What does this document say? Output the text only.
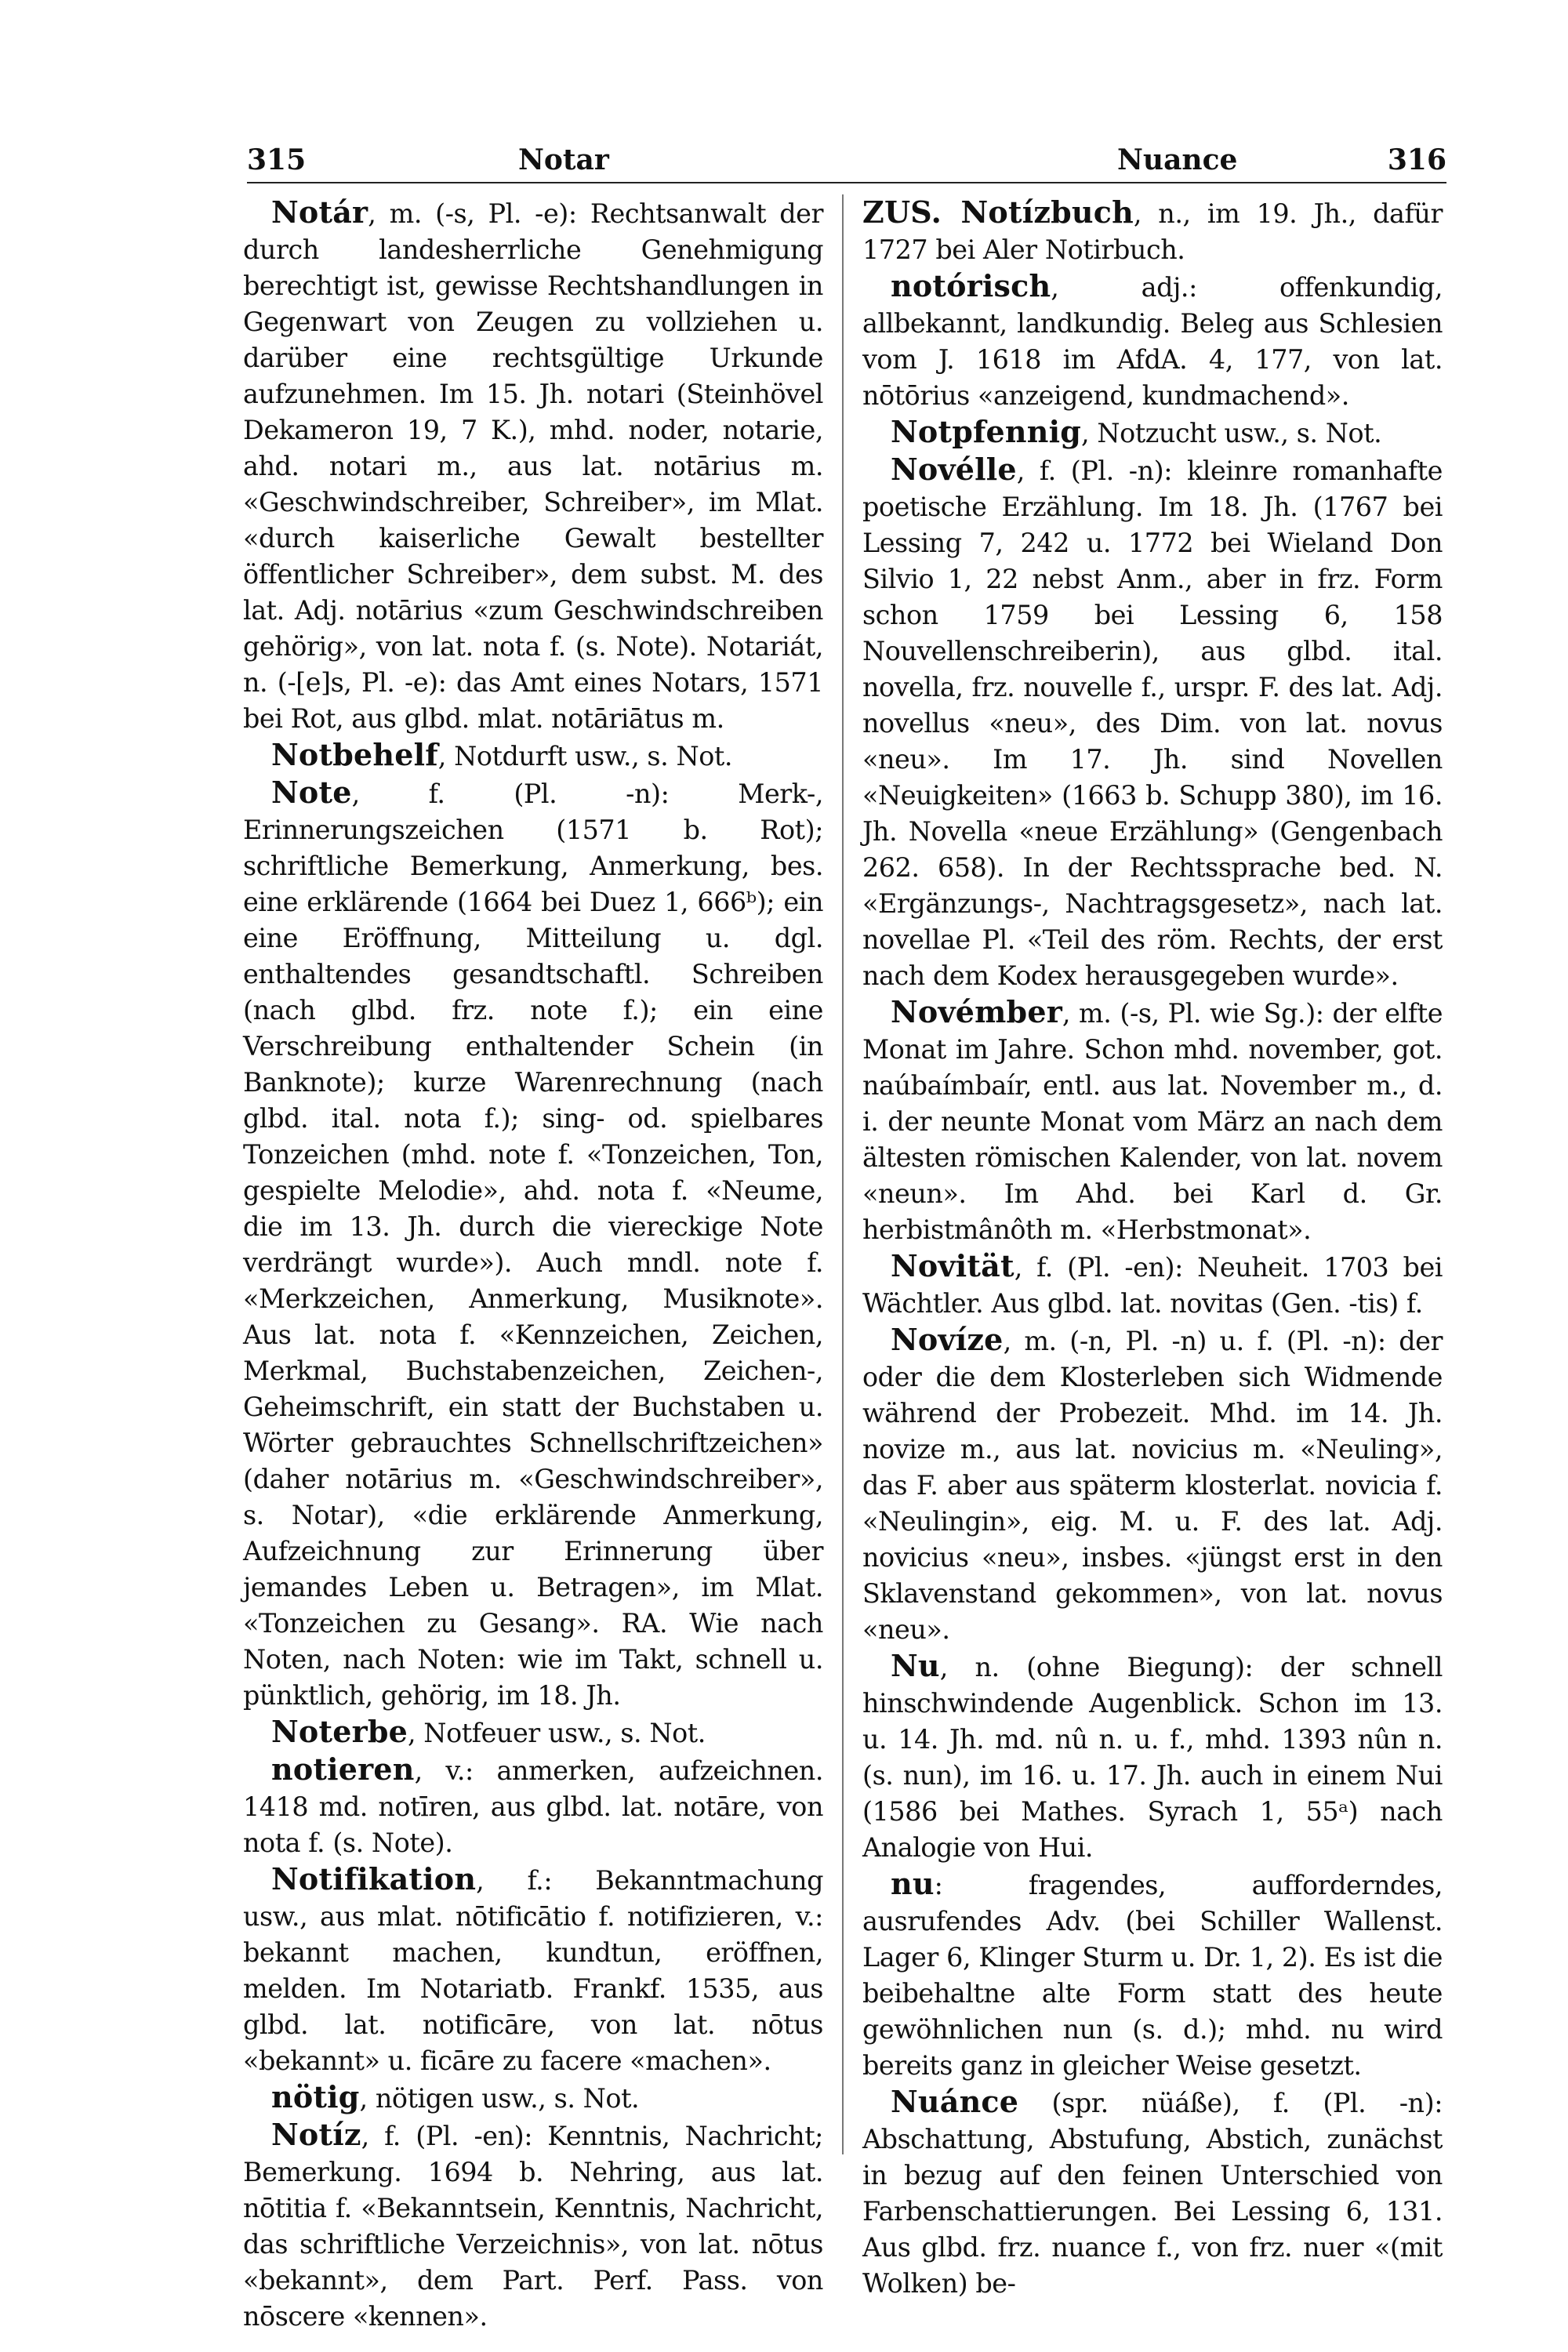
315	Notar	Nuance	316

Notár, m. (-s, Pl. -e): Rechtsanwalt der durch landesherrliche Genehmigung berechtigt ist, gewisse Rechtshandlungen in Gegenwart von Zeugen zu vollziehen u. darüber eine rechtsgültige Urkunde aufzunehmen. Im 15. Jh. notari (Steinhövel Dekameron 19, 7 K.), mhd. noder, notarie, ahd. notari m., aus lat. notārius m. «Geschwindschreiber, Schreiber», im Mlat. «durch kaiserliche Gewalt bestellter öffentlicher Schreiber», dem subst. M. des lat. Adj. notārius «zum Geschwindschreiben gehörig», von lat. nota f. (s. Note). Notariát, n. (-[e]s, Pl. -e): das Amt eines Notars, 1571 bei Rot, aus glbd. mlat. notāriātus m.

Notbehelf, Notdurft usw., s. Not.

Note, f. (Pl. -n): Merk-, Erinnerungszeichen (1571 b. Rot); schriftliche Bemerkung, Anmerkung, bes. eine erklärende (1664 bei Duez 1, 666ᵇ); ein eine Eröffnung, Mitteilung u. dgl. enthaltendes gesandtschaftl. Schreiben (nach glbd. frz. note f.); ein eine Verschreibung enthaltender Schein (in Banknote); kurze Warenrechnung (nach glbd. ital. nota f.); sing- od. spielbares Tonzeichen (mhd. note f. «Tonzeichen, Ton, gespielte Melodie», ahd. nota f. «Neume, die im 13. Jh. durch die viereckige Note verdrängt wurde»). Auch mndl. note f. «Merkzeichen, Anmerkung, Musiknote». Aus lat. nota f. «Kennzeichen, Zeichen, Merkmal, Buchstabenzeichen, Zeichen-, Geheimschrift, ein statt der Buchstaben u. Wörter gebrauchtes Schnellschriftzeichen» (daher notārius m. «Geschwindschreiber», s. Notar), «die erklärende Anmerkung, Aufzeichnung zur Erinnerung über jemandes Leben u. Betragen», im Mlat. «Tonzeichen zu Gesang». RA. Wie nach Noten, nach Noten: wie im Takt, schnell u. pünktlich, gehörig, im 18. Jh.

Noterbe, Notfeuer usw., s. Not.

notieren, v.: anmerken, aufzeichnen. 1418 md. notīren, aus glbd. lat. notāre, von nota f. (s. Note).

Notifikation, f.: Bekanntmachung usw., aus mlat. nōtificātio f. notifizieren, v.: bekannt machen, kundtun, eröffnen, melden. Im Notariatb. Frankf. 1535, aus glbd. lat. notificāre, von lat. nōtus «bekannt» u. ficāre zu facere «machen».

nötig, nötigen usw., s. Not.

Notíz, f. (Pl. -en): Kenntnis, Nachricht; Bemerkung. 1694 b. Nehring, aus lat. nōtitia f. «Bekanntsein, Kenntnis, Nachricht, das schriftliche Verzeichnis», von lat. nōtus «bekannt», dem Part. Perf. Pass. von nōscere «kennen».

ZUS. Notízbuch, n., im 19. Jh., dafür 1727 bei Aler Notirbuch.

notórisch, adj.: offenkundig, allbekannt, landkundig. Beleg aus Schlesien vom J. 1618 im AfdA. 4, 177, von lat. nōtōrius «anzeigend, kundmachend».

Notpfennig, Notzucht usw., s. Not.

Novélle, f. (Pl. -n): kleinre romanhafte poetische Erzählung. Im 18. Jh. (1767 bei Lessing 7, 242 u. 1772 bei Wieland Don Silvio 1, 22 nebst Anm., aber in frz. Form schon 1759 bei Lessing 6, 158 Nouvellenschreiberin), aus glbd. ital. novella, frz. nouvelle f., urspr. F. des lat. Adj. novellus «neu», des Dim. von lat. novus «neu». Im 17. Jh. sind Novellen «Neuigkeiten» (1663 b. Schupp 380), im 16. Jh. Novella «neue Erzählung» (Gengenbach 262. 658). In der Rechtssprache bed. N. «Ergänzungs-, Nachtragsgesetz», nach lat. novellae Pl. «Teil des röm. Rechts, der erst nach dem Kodex herausgegeben wurde».

Novémber, m. (-s, Pl. wie Sg.): der elfte Monat im Jahre. Schon mhd. november, got. naúbaímbaír, entl. aus lat. November m., d. i. der neunte Monat vom März an nach dem ältesten römischen Kalender, von lat. novem «neun». Im Ahd. bei Karl d. Gr. herbistmânôth m. «Herbstmonat».

Novität, f. (Pl. -en): Neuheit. 1703 bei Wächtler. Aus glbd. lat. novitas (Gen. -tis) f.

Novíze, m. (-n, Pl. -n) u. f. (Pl. -n): der oder die dem Klosterleben sich Widmende während der Probezeit. Mhd. im 14. Jh. novize m., aus lat. novicius m. «Neuling», das F. aber aus späterm klosterlat. novicia f. «Neulingin», eig. M. u. F. des lat. Adj. novicius «neu», insbes. «jüngst erst in den Sklavenstand gekommen», von lat. novus «neu».

Nu, n. (ohne Biegung): der schnell hinschwindende Augenblick. Schon im 13. u. 14. Jh. md. nû n. u. f., mhd. 1393 nûn n. (s. nun), im 16. u. 17. Jh. auch in einem Nui (1586 bei Mathes. Syrach 1, 55ᵃ) nach Analogie von Hui.

nu: fragendes, aufforderndes, ausrufendes Adv. (bei Schiller Wallenst. Lager 6, Klinger Sturm u. Dr. 1, 2). Es ist die beibehaltne alte Form statt des heute gewöhnlichen nun (s. d.); mhd. nu wird bereits ganz in gleicher Weise gesetzt.

Nuánce (spr. nüáße), f. (Pl. -n): Abschattung, Abstufung, Abstich, zunächst in bezug auf den feinen Unterschied von Farbenschattierungen. Bei Lessing 6, 131. Aus glbd. frz. nuance f., von frz. nuer «(mit Wolken) be-
